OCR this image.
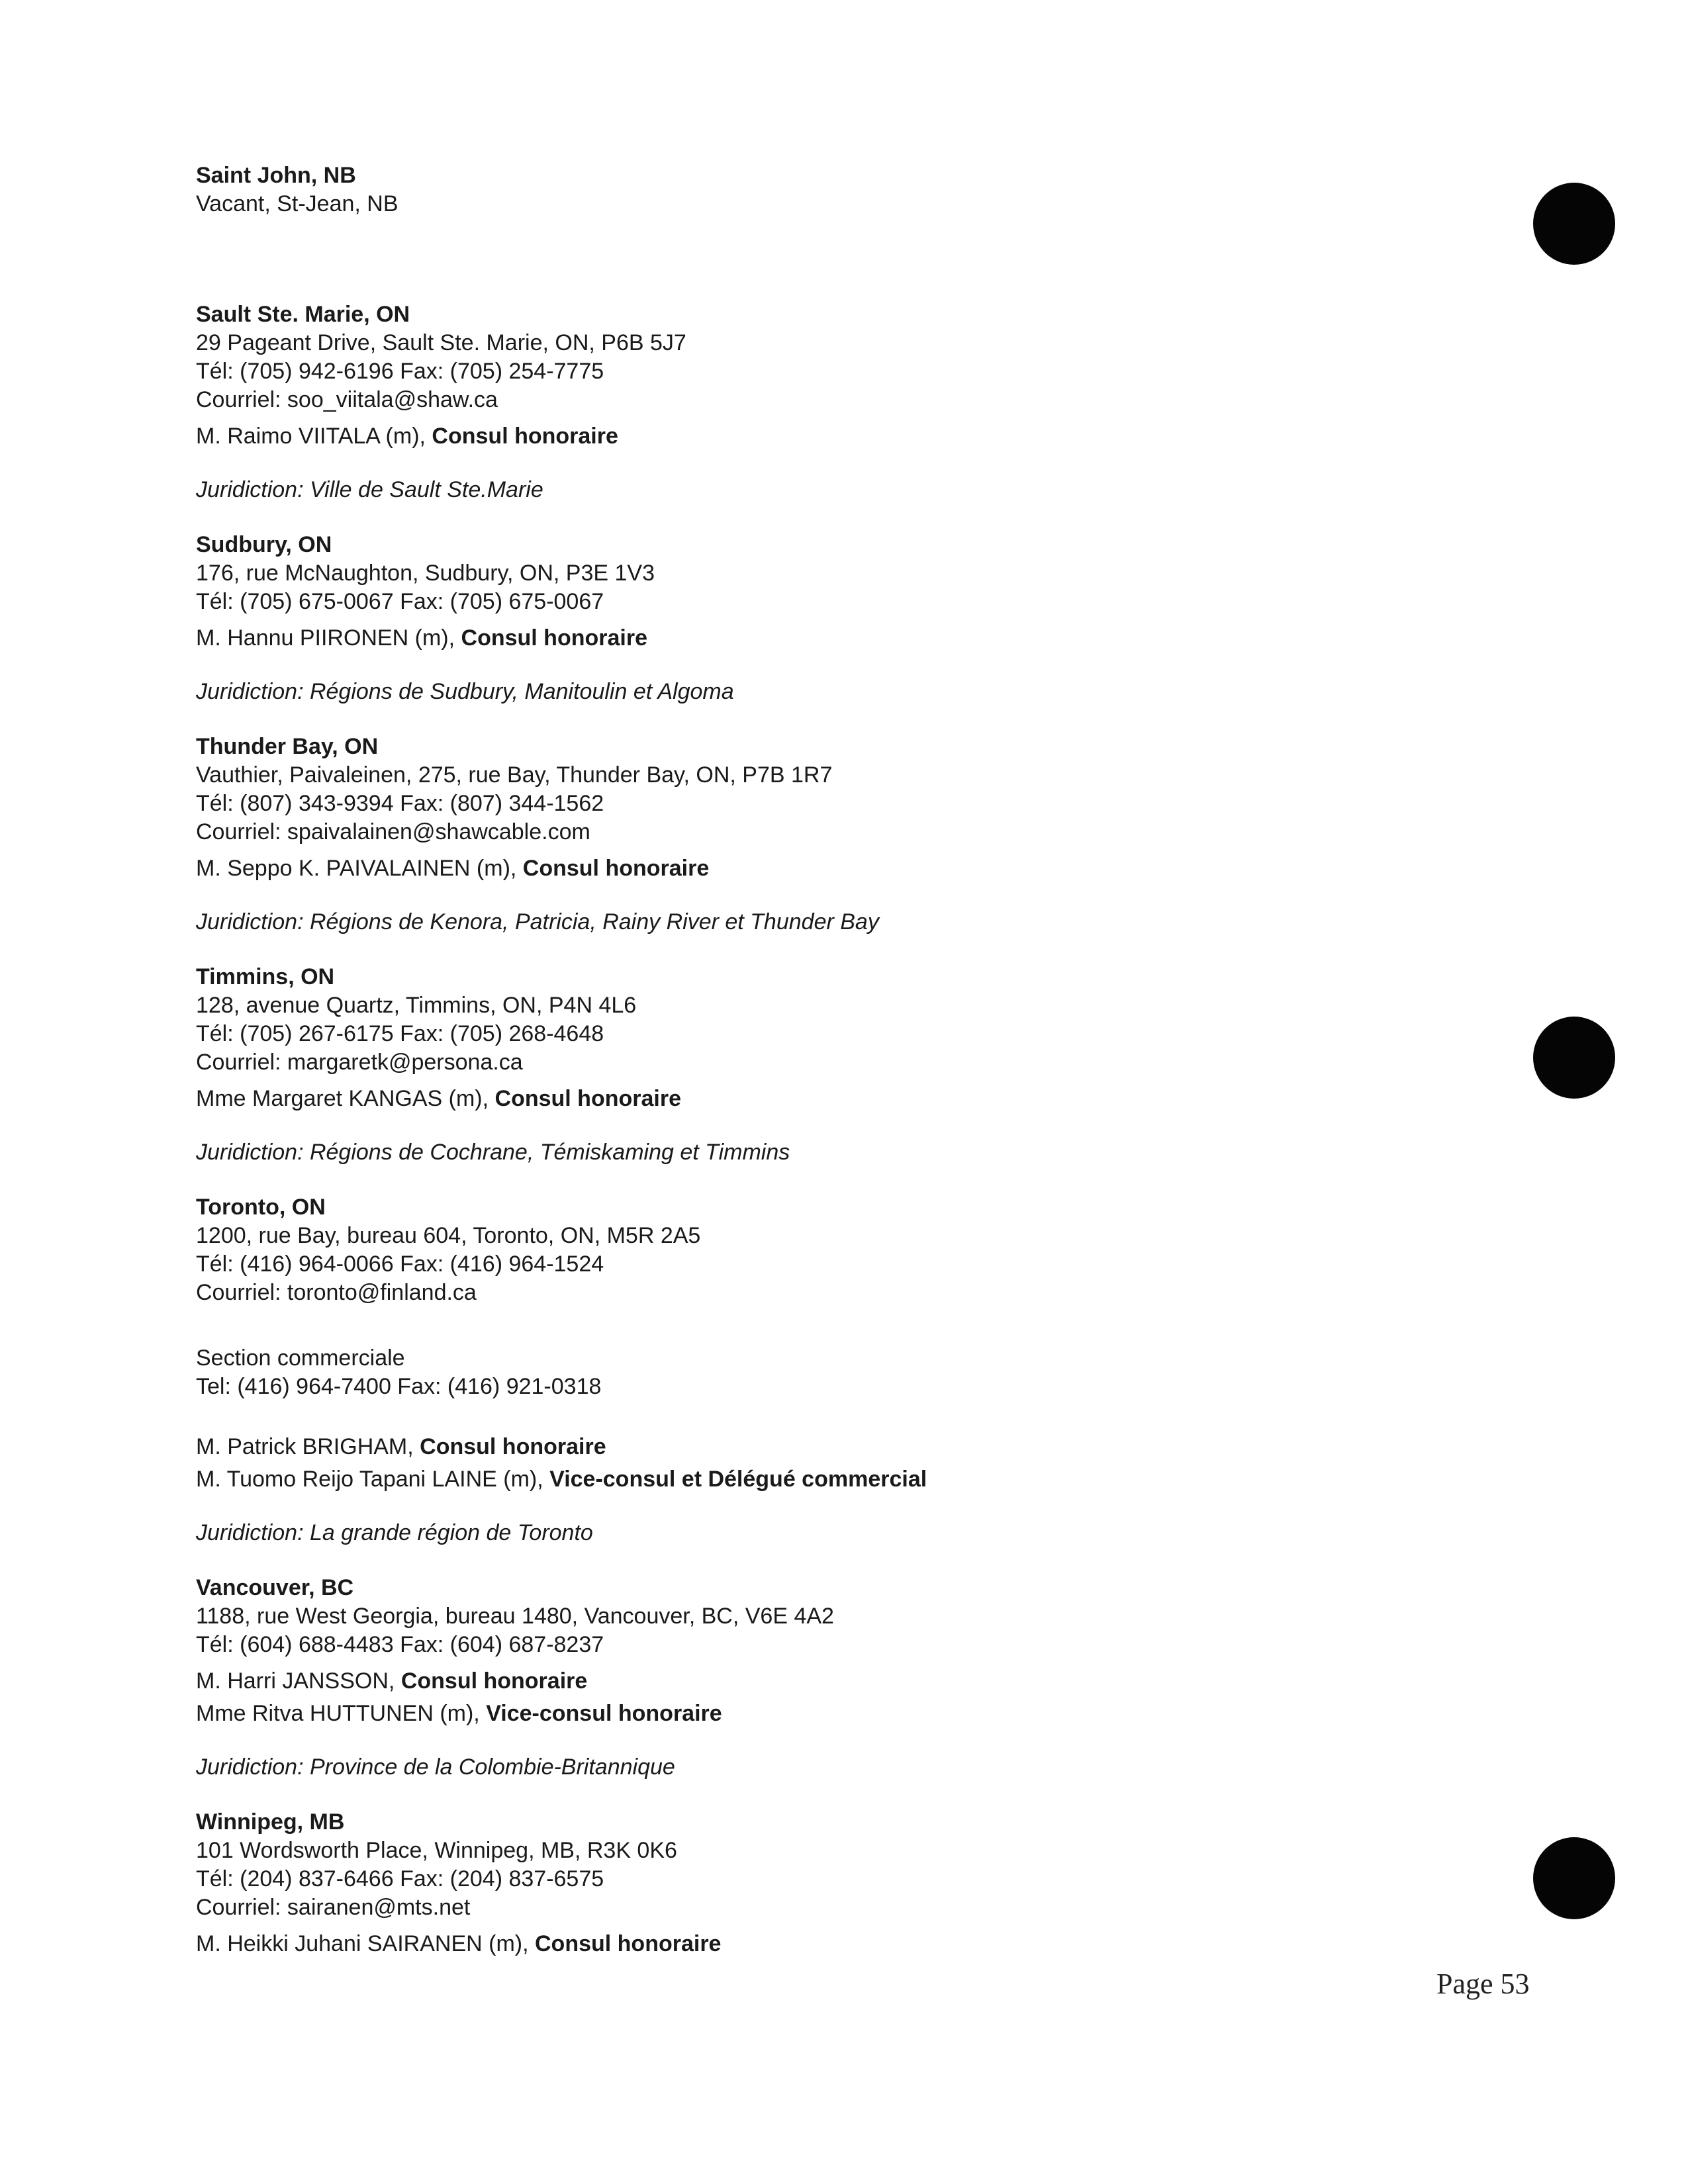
Saint John, NB

Vacant, St-Jean, NB

Sault Ste. Marie, ON

29 Pageant Drive, Sault Ste. Marie, ON, P6B 5J7

Tél: (705) 942-6196 Fax: (705) 254-7775

Courriel: soo_viitala@shaw.ca

M. Raimo VIITALA (m), Consul honoraire

Juridiction: Ville de Sault Ste.Marie

Sudbury, ON

176, rue McNaughton, Sudbury, ON, P3E 1V3

Tél: (705) 675-0067 Fax: (705) 675-0067

M. Hannu PIIRONEN (m), Consul honoraire

Juridiction: Régions de Sudbury, Manitoulin et Algoma

Thunder Bay, ON

Vauthier, Paivaleinen, 275, rue Bay, Thunder Bay, ON, P7B 1R7

Tél: (807) 343-9394 Fax: (807) 344-1562

Courriel: spaivalainen@shawcable.com

M. Seppo K. PAIVALAINEN (m), Consul honoraire

Juridiction: Régions de Kenora, Patricia, Rainy River et Thunder Bay

Timmins, ON

128, avenue Quartz, Timmins, ON, P4N 4L6

Tél: (705) 267-6175 Fax: (705) 268-4648

Courriel: margaretk@persona.ca

Mme Margaret KANGAS (m), Consul honoraire

Juridiction: Régions de Cochrane, Témiskaming et Timmins

Toronto, ON

1200, rue Bay, bureau 604, Toronto, ON, M5R 2A5

Tél: (416) 964-0066 Fax: (416) 964-1524

Courriel: toronto@finland.ca

Section commerciale

Tel: (416) 964-7400 Fax: (416) 921-0318

M. Patrick BRIGHAM, Consul honoraire

M. Tuomo Reijo Tapani LAINE (m), Vice-consul et Délégué commercial

Juridiction: La grande région de Toronto

Vancouver, BC

1188, rue West Georgia, bureau 1480, Vancouver, BC, V6E 4A2

Tél: (604) 688-4483 Fax: (604) 687-8237

M. Harri JANSSON, Consul honoraire

Mme Ritva HUTTUNEN (m), Vice-consul honoraire

Juridiction: Province de la Colombie-Britannique

Winnipeg, MB

101 Wordsworth Place, Winnipeg, MB, R3K 0K6

Tél: (204) 837-6466 Fax: (204) 837-6575

Courriel: sairanen@mts.net

M. Heikki Juhani SAIRANEN (m), Consul honoraire

Page 53
